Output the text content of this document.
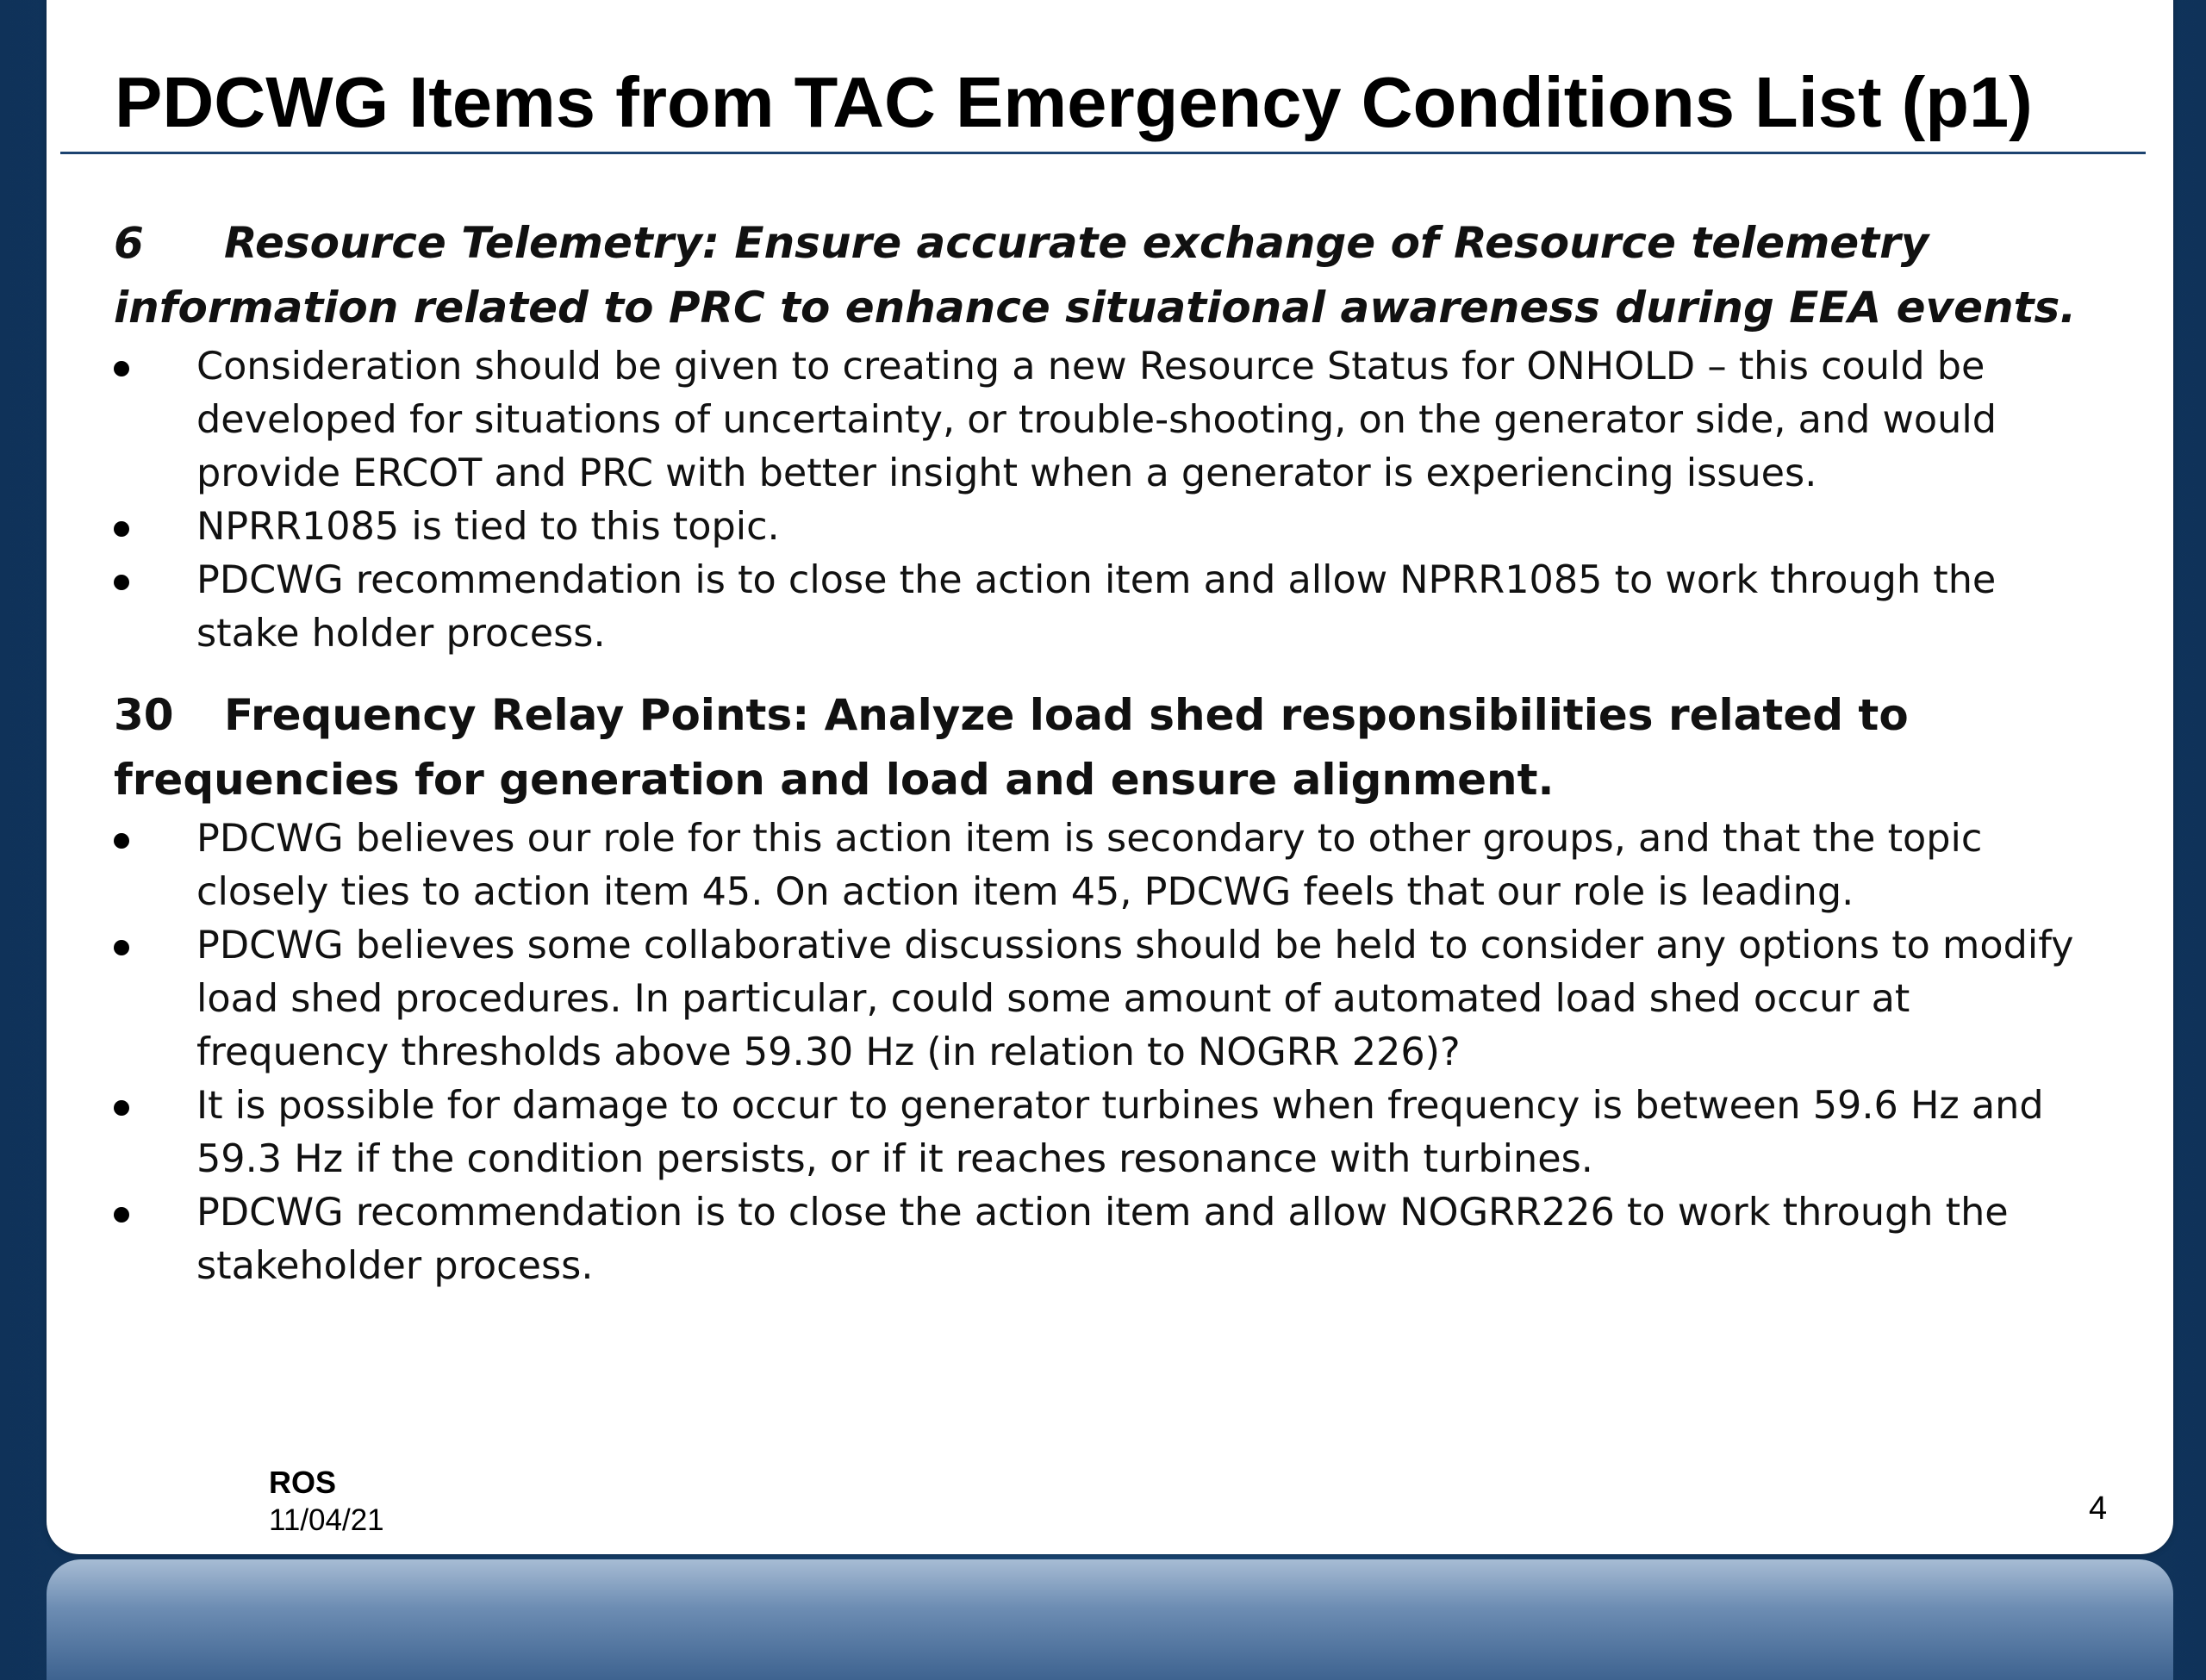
PDCWG Items from TAC Emergency Conditions List (p1)

6 Resource Telemetry: Ensure accurate exchange of Resource telemetry
information related to PRC to enhance situational awareness during EEA events.

Consideration should be given to creating a new Resource Status for ONHOLD – this could be developed for situations of uncertainty, or trouble-shooting, on the generator side, and would provide ERCOT and PRC with better insight when a generator is experiencing issues.
NPRR1085 is tied to this topic.
PDCWG recommendation is to close the action item and allow NPRR1085 to work through the stake holder process.

30 Frequency Relay Points: Analyze load shed responsibilities related to
frequencies for generation and load and ensure alignment.

PDCWG believes our role for this action item is secondary to other groups, and that the topic closely ties to action item 45. On action item 45, PDCWG feels that our role is leading.
PDCWG believes some collaborative discussions should be held to consider any options to modify load shed procedures. In particular, could some amount of automated load shed occur at frequency thresholds above 59.30 Hz (in relation to NOGRR 226)?
It is possible for damage to occur to generator turbines when frequency is between 59.6 Hz and 59.3 Hz if the condition persists, or if it reaches resonance with turbines.
PDCWG recommendation is to close the action item and allow NOGRR226 to work through the stakeholder process.
ROS
11/04/21	4
